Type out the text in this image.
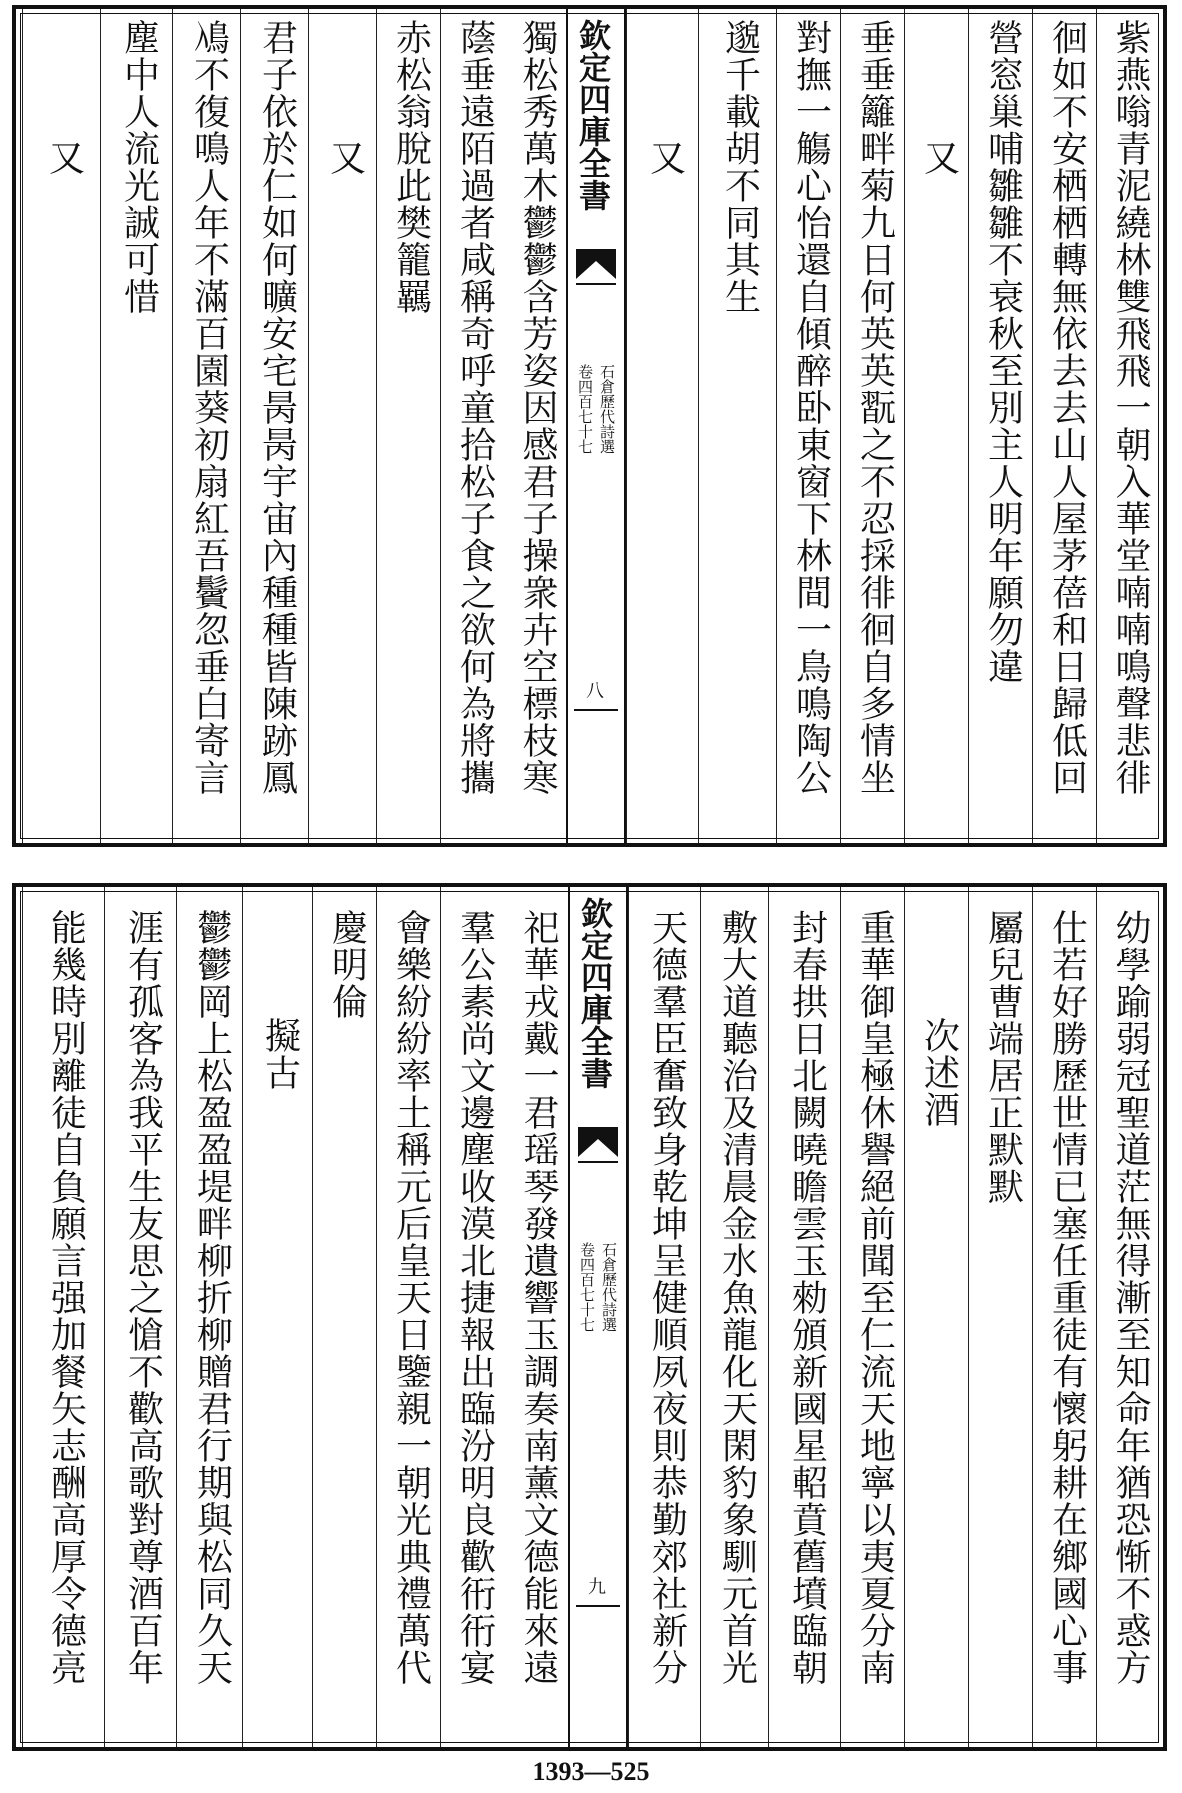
紫燕嗡青泥繞林雙飛飛一朝入華堂喃喃鳴聲悲徘
徊如不安栖栖轉無依去去山人屋茅蓓和日歸低回
營窓巢哺雛雛不衰秋至別主人明年願勿違
又
垂垂籬畔菊九日何英英翫之不忍採徘徊自多情坐
對撫一觴心怡還自傾醉卧東窗下林間一鳥鳴陶公
邈千載胡不同其生
又
欽定四庫全書
石倉歷代詩選
卷四百七十七
八
獨松秀萬木鬱鬱含芳姿因感君子操衆卉空標枝寒
蔭垂遠陌過者咸稱奇呼童拾松子食之欲何為將攜
赤松翁脫此樊籠羈
又
君子依於仁如何曠安宅昺昺宇宙內種種皆陳跡鳳
鳰不復鳴人年不滿百園葵初扇紅吾鬢忽垂白寄言
塵中人流光誠可惜
又
幼學踰弱冠聖道茫無得漸至知命年猶恐惭不惑方
仕若好勝歷世情已塞任重徒有懷躬耕在鄉國心事
屬兒曹端居正默默
次述酒
重華御皇極休譽絕前聞至仁流天地寧以夷夏分南
封春拱日北闕曉瞻雲玉勑頒新國星軺賁舊墳臨朝
敷大道聽治及清晨金水魚龍化天閑豹象馴元首光
天德羣臣奮致身乾坤呈健順夙夜則恭勤郊社新分
欽定四庫全書
石倉歷代詩選
卷四百七十七
九
祀華戎戴一君瑶琴發遺響玉調奏南薰文德能來遠
羣公素尚文邊塵收漠北捷報出臨汾明良歡衎衎宴
會樂紛紛率土稱元后皇天日鑒親一朝光典禮萬代
慶明倫
擬古
鬱鬱岡上松盈盈堤畔柳折柳贈君行期與松同久天
涯有孤客為我平生友思之愴不歡高歌對尊酒百年
能幾時別離徒自負願言强加餐矢志酬高厚令德亮
1393—525
